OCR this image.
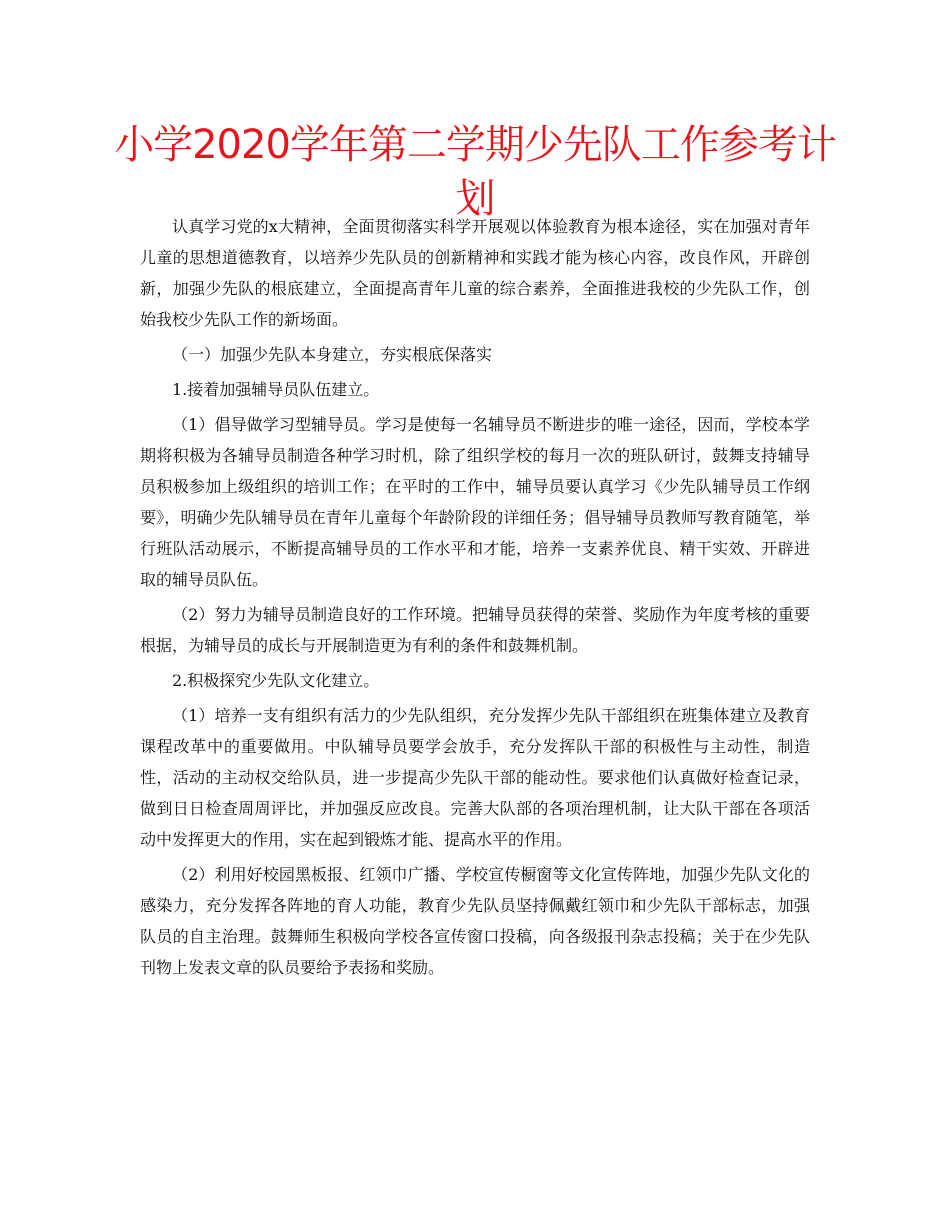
小学2020学年第二学期少先队工作参考计划

认真学习党的x大精神，全面贯彻落实科学开展观以体验教育为根本途径，实在加强对青年儿童的思想道德教育，以培养少先队员的创新精神和实践才能为核心内容，改良作风，开辟创新，加强少先队的根底建立，全面提高青年儿童的综合素养，全面推进我校的少先队工作，创始我校少先队工作的新场面。

（一）加强少先队本身建立，夯实根底保落实

1.接着加强辅导员队伍建立。

（1）倡导做学习型辅导员。学习是使每一名辅导员不断进步的唯一途径，因而，学校本学期将积极为各辅导员制造各种学习时机，除了组织学校的每月一次的班队研讨，鼓舞支持辅导员积极参加上级组织的培训工作；在平时的工作中，辅导员要认真学习《少先队辅导员工作纲要》，明确少先队辅导员在青年儿童每个年龄阶段的详细任务；倡导辅导员教师写教育随笔，举行班队活动展示，不断提高辅导员的工作水平和才能，培养一支素养优良、精干实效、开辟进取的辅导员队伍。

（2）努力为辅导员制造良好的工作环境。把辅导员获得的荣誉、奖励作为年度考核的重要根据，为辅导员的成长与开展制造更为有利的条件和鼓舞机制。

2.积极探究少先队文化建立。

（1）培养一支有组织有活力的少先队组织，充分发挥少先队干部组织在班集体建立及教育课程改革中的重要做用。中队辅导员要学会放手，充分发挥队干部的积极性与主动性，制造性，活动的主动权交给队员，进一步提高少先队干部的能动性。要求他们认真做好检查记录，做到日日检查周周评比，并加强反应改良。完善大队部的各项治理机制，让大队干部在各项活动中发挥更大的作用，实在起到锻炼才能、提高水平的作用。

（2）利用好校园黑板报、红领巾广播、学校宣传橱窗等文化宣传阵地，加强少先队文化的感染力，充分发挥各阵地的育人功能，教育少先队员坚持佩戴红领巾和少先队干部标志，加强队员的自主治理。鼓舞师生积极向学校各宣传窗口投稿，向各级报刊杂志投稿；关于在少先队刊物上发表文章的队员要给予表扬和奖励。
